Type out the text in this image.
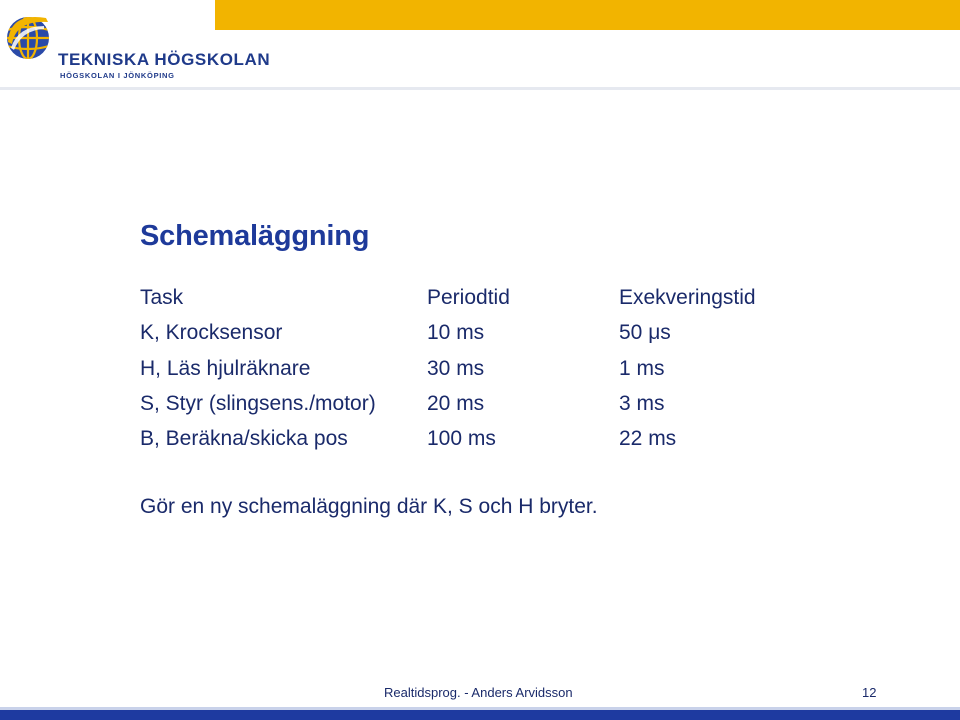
TEKNISKA HÖGSKOLAN
HÖGSKOLAN I JÖNKÖPING
Schemaläggning
Task	Periodtid	Exekveringstid
K, Krocksensor	10 ms	50 μs
H, Läs hjulräknare	30 ms	1 ms
S, Styr (slingsens./motor) 20 ms	3 ms
B, Beräkna/skicka pos	100 ms	22 ms
Gör en ny schemaläggning där K, S och H bryter.
Realtidsprog. - Anders Arvidsson	12
